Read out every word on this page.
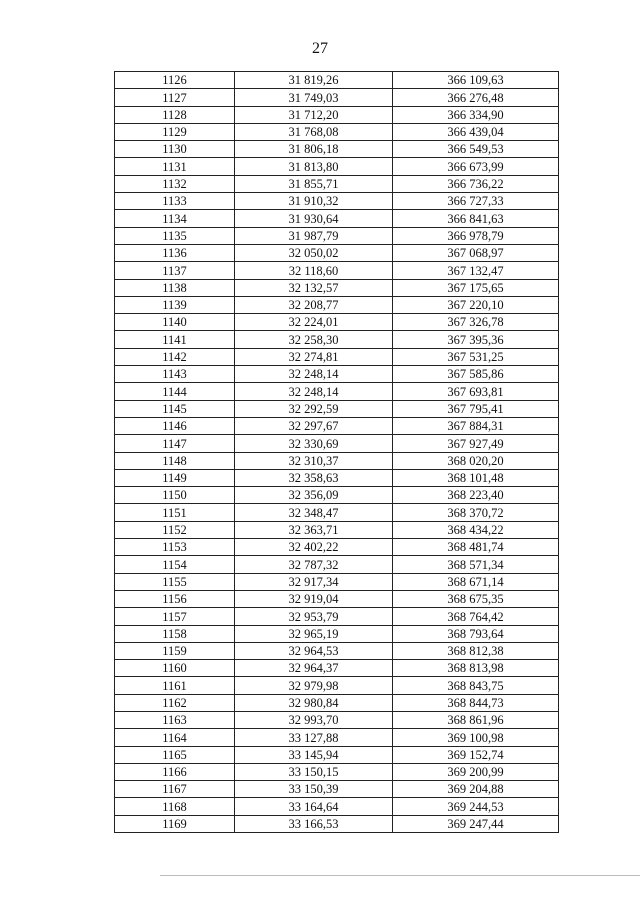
27
1126	31 819,26	366 109,63
1127	31 749,03	366 276,48
1128	31 712,20	366 334,90
1129	31 768,08	366 439,04
1130	31 806,18	366 549,53
1131	31 813,80	366 673,99
1132	31 855,71	366 736,22
1133	31 910,32	366 727,33
1134	31 930,64	366 841,63
1135	31 987,79	366 978,79
1136	32 050,02	367 068,97
1137	32 118,60	367 132,47
1138	32 132,57	367 175,65
1139	32 208,77	367 220,10
1140	32 224,01	367 326,78
1141	32 258,30	367 395,36
1142	32 274,81	367 531,25
1143	32 248,14	367 585,86
1144	32 248,14	367 693,81
1145	32 292,59	367 795,41
1146	32 297,67	367 884,31
1147	32 330,69	367 927,49
1148	32 310,37	368 020,20
1149	32 358,63	368 101,48
1150	32 356,09	368 223,40
1151	32 348,47	368 370,72
1152	32 363,71	368 434,22
1153	32 402,22	368 481,74
1154	32 787,32	368 571,34
1155	32 917,34	368 671,14
1156	32 919,04	368 675,35
1157	32 953,79	368 764,42
1158	32 965,19	368 793,64
1159	32 964,53	368 812,38
1160	32 964,37	368 813,98
1161	32 979,98	368 843,75
1162	32 980,84	368 844,73
1163	32 993,70	368 861,96
1164	33 127,88	369 100,98
1165	33 145,94	369 152,74
1166	33 150,15	369 200,99
1167	33 150,39	369 204,88
1168	33 164,64	369 244,53
1169	33 166,53	369 247,44
